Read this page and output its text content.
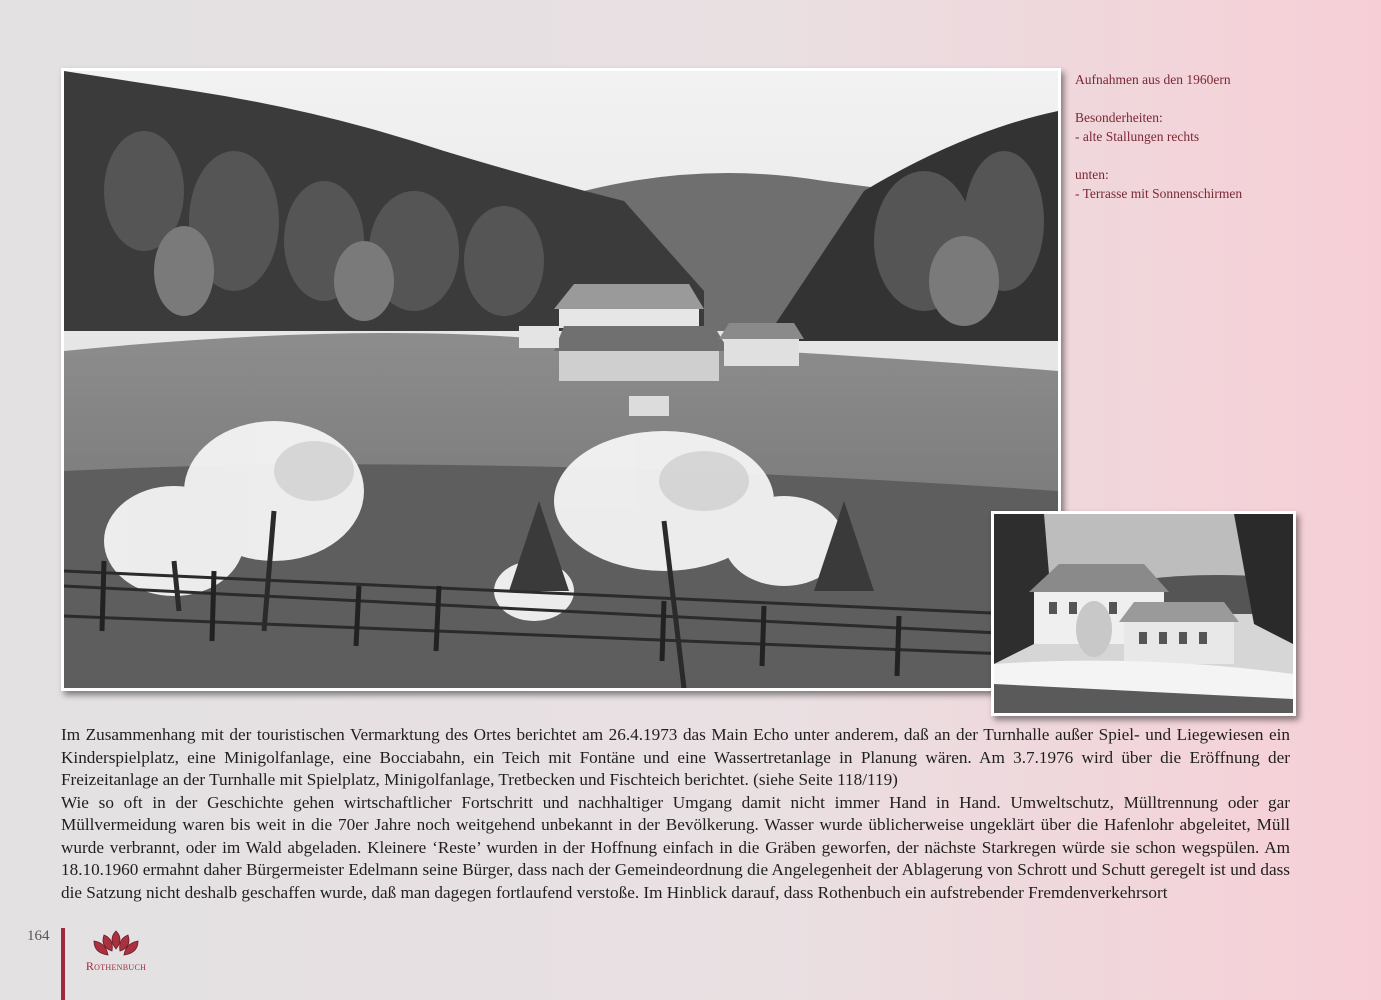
Aufnahmen aus den 1960ern

Besonderheiten:

- alte Stallungen rechts

unten:

- Terrasse mit Sonnenschirmen

Im Zusammenhang mit der touristischen Vermarktung des Ortes berichtet am 26.4.1973 das Main Echo unter anderem, daß an der Turnhalle außer Spiel- und Liegewiesen ein Kinderspielplatz, eine Minigolfanlage, eine Bocciabahn, ein Teich mit Fontäne und eine Wassertretanlage in Planung wären. Am 3.7.1976 wird über die Eröffnung der Freizeitanlage an der Turnhalle mit Spielplatz, Minigolfanlage, Tretbecken und Fischteich berichtet. (siehe Seite 118/119)

Wie so oft in der Geschichte gehen wirtschaftlicher Fortschritt und nachhaltiger Umgang damit nicht immer Hand in Hand. Umweltschutz, Mülltrennung oder gar Müllvermeidung waren bis weit in die 70er Jahre noch weitgehend unbekannt in der Bevölkerung. Wasser wurde üblicherweise ungeklärt über die Hafenlohr abgeleitet, Müll wurde verbrannt, oder im Wald abgeladen. Kleinere ‘Reste’ wurden in der Hoffnung einfach in die Gräben geworfen, der nächste Starkregen würde sie schon wegspülen. Am 18.10.1960 ermahnt daher Bürgermeister Edelmann seine Bürger, dass nach der Gemeindeordnung die Angelegenheit der Ablagerung von Schrott und Schutt geregelt ist und dass die Satzung nicht deshalb geschaffen wurde, daß man dagegen fortlaufend verstoße. Im Hinblick darauf, dass Rothenbuch ein aufstrebender Fremdenverkehrsort

164
Rothenbuch
